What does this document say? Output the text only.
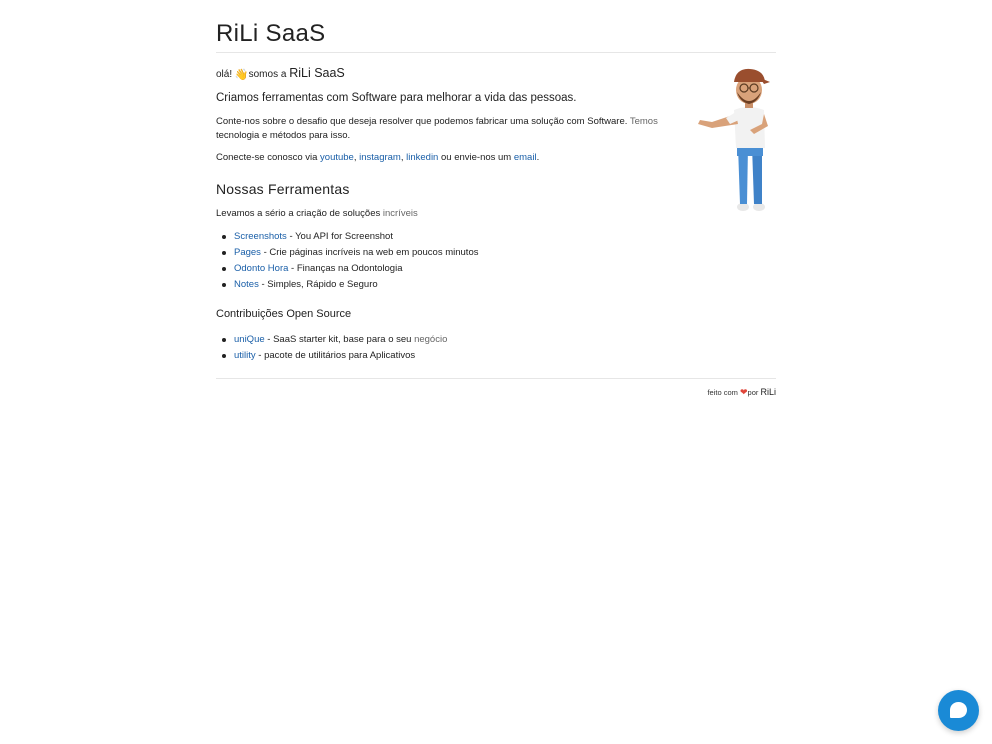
RiLi SaaS
olá! 👋somos a RiLi SaaS
Criamos ferramentas com Software para melhorar a vida das pessoas.
Conte-nos sobre o desafio que deseja resolver que podemos fabricar uma solução com Software. Temos tecnologia e métodos para isso.
Conecte-se conosco via youtube, instagram, linkedin ou envie-nos um email.
Nossas Ferramentas
Levamos a sério a criação de soluções incríveis
Screenshots - You API for Screenshot
Pages - Crie páginas incríveis na web em poucos minutos
Odonto Hora - Finanças na Odontologia
Notes - Simples, Rápido e Seguro
Contribuições Open Source
uniQue - SaaS starter kit, base para o seu negócio
utility - pacote de utilitários para Aplicativos
feito com ❤por RiLi
